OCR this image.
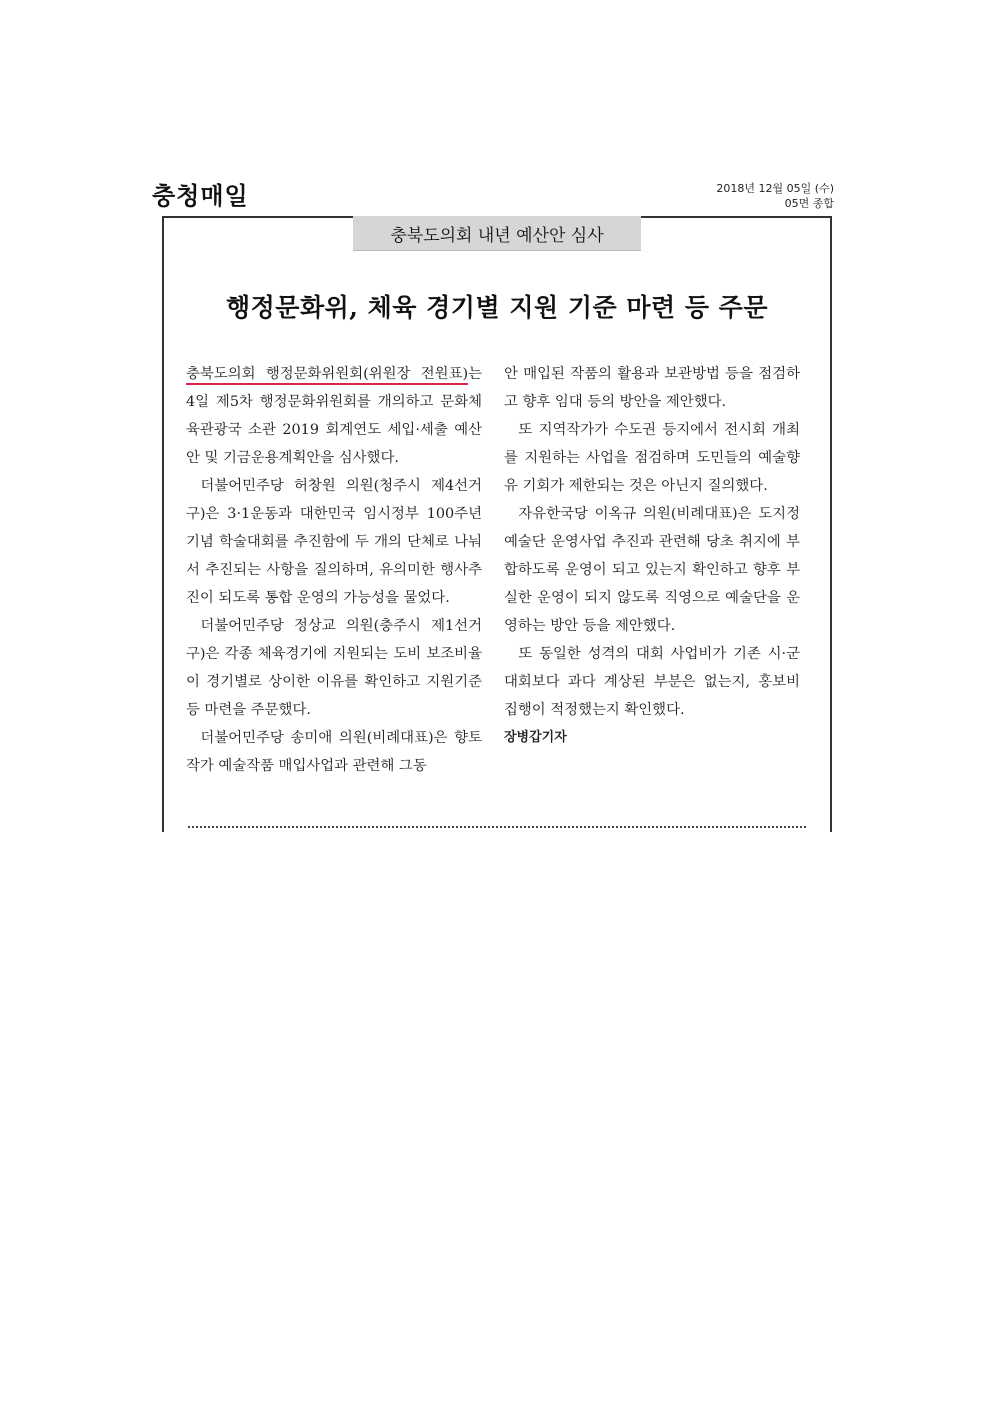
충청매일	2018년 12월 05일 (수)
05면 종합
충북도의회 내년 예산안 심사
행정문화위, 체육 경기별 지원 기준 마련 등 주문

충북도의회 행정문화위원회(위원장 전원표)는 4일 제5차 행정문화위원회를 개의하고 문화체육관광국 소관 2019 회계연도 세입·세출 예산안 및 기금운용계획안을 심사했다.

더불어민주당 허창원 의원(청주시 제4선거구)은 3·1운동과 대한민국 임시정부 100주년 기념 학술대회를 추진함에 두 개의 단체로 나눠서 추진되는 사항을 질의하며, 유의미한 행사추진이 되도록 통합 운영의 가능성을 물었다.

더불어민주당 정상교 의원(충주시 제1선거구)은 각종 체육경기에 지원되는 도비 보조비율이 경기별로 상이한 이유를 확인하고 지원기준 등 마련을 주문했다.

더불어민주당 송미애 의원(비례대표)은 향토작가 예술작품 매입사업과 관련해 그동

안 매입된 작품의 활용과 보관방법 등을 점검하고 향후 임대 등의 방안을 제안했다.

또 지역작가가 수도권 등지에서 전시회 개최를 지원하는 사업을 점검하며 도민들의 예술향유 기회가 제한되는 것은 아닌지 질의했다.

자유한국당 이옥규 의원(비례대표)은 도지정예술단 운영사업 추진과 관련해 당초 취지에 부합하도록 운영이 되고 있는지 확인하고 향후 부실한 운영이 되지 않도록 직영으로 예술단을 운영하는 방안 등을 제안했다.

또 동일한 성격의 대회 사업비가 기존 시·군 대회보다 과다 계상된 부분은 없는지, 홍보비 집행이 적정했는지 확인했다.

장병갑기자
